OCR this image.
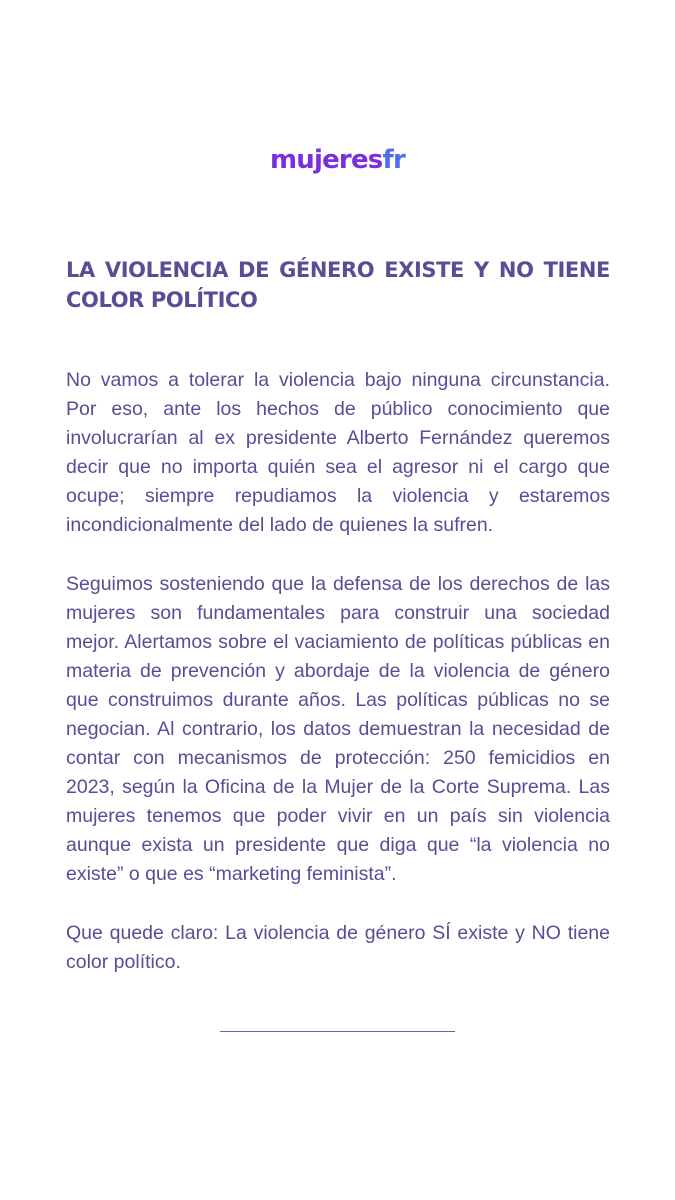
mujeresfr
LA VIOLENCIA DE GÉNERO EXISTE Y NO TIENE COLOR POLÍTICO

No vamos a tolerar la violencia bajo ninguna circunstancia. Por eso, ante los hechos de público conocimiento que involucrarían al ex presidente Alberto Fernández queremos decir que no importa quién sea el agresor ni el cargo que ocupe; siempre repudiamos la violencia y estaremos incondicionalmente del lado de quienes la sufren.

Seguimos sosteniendo que la defensa de los derechos de las mujeres son fundamentales para construir una sociedad mejor. Alertamos sobre el vaciamiento de políticas públicas en materia de prevención y abordaje de la violencia de género que construimos durante años. Las políticas públicas no se negocian. Al contrario, los datos demuestran la necesidad de contar con mecanismos de protección: 250 femicidios en 2023, según la Oficina de la Mujer de la Corte Suprema. Las mujeres tenemos que poder vivir en un país sin violencia aunque exista un presidente que diga que “la violencia no existe” o que es “marketing feminista”.

Que quede claro: La violencia de género SÍ existe y NO tiene color político.
